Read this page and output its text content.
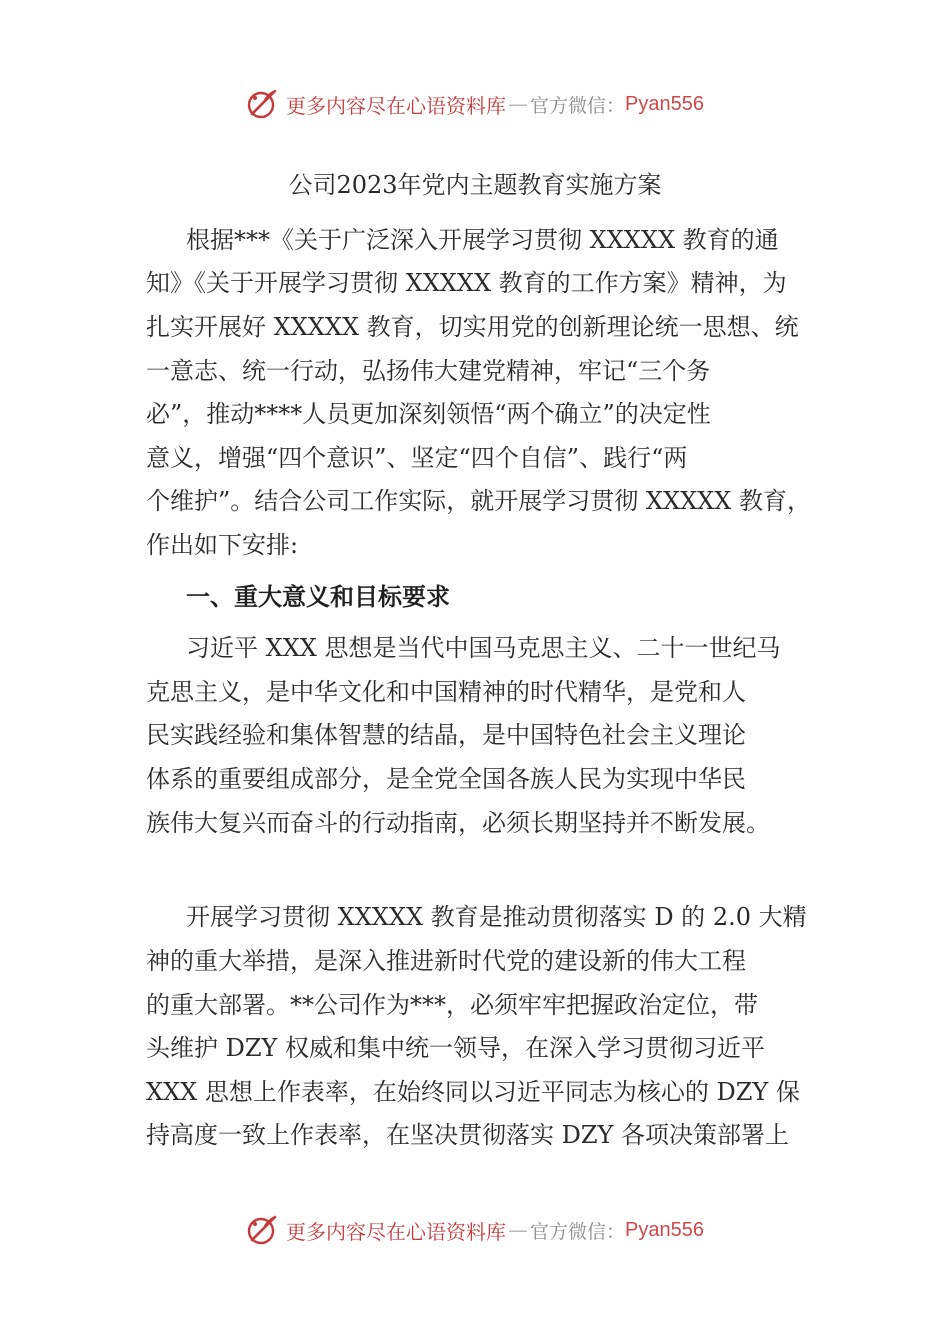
更多内容尽在心语资料库 — 官方微信： Pyan556
公司2023年党内主题教育实施方案

根据***《关于广泛深入开展学习贯彻 XXXXX 教育的通

知》《关于开展学习贯彻 XXXXX 教育的工作方案》精神，为

扎实开展好 XXXXX 教育，切实用党的创新理论统一思想、统

一意志、统一行动，弘扬伟大建党精神，牢记“三个务

必”，推动****人员更加深刻领悟“两个确立”的决定性

意义，增强“四个意识”、坚定“四个自信”、践行“两

个维护”。结合公司工作实际，就开展学习贯彻 XXXXX 教育，

作出如下安排:

一、重大意义和目标要求

习近平 XXX 思想是当代中国马克思主义、二十一世纪马

克思主义，是中华文化和中国精神的时代精华，是党和人

民实践经验和集体智慧的结晶，是中国特色社会主义理论

体系的重要组成部分，是全党全国各族人民为实现中华民

族伟大复兴而奋斗的行动指南，必须长期坚持并不断发展。

开展学习贯彻 XXXXX 教育是推动贯彻落实 D 的 2.0 大精

神的重大举措，是深入推进新时代党的建设新的伟大工程

的重大部署。**公司作为***，必须牢牢把握政治定位，带

头维护 DZY 权威和集中统一领导，在深入学习贯彻习近平

XXX 思想上作表率，在始终同以习近平同志为核心的 DZY 保

持高度一致上作表率，在坚决贯彻落实 DZY 各项决策部署上

更多内容尽在心语资料库 — 官方微信： Pyan556
